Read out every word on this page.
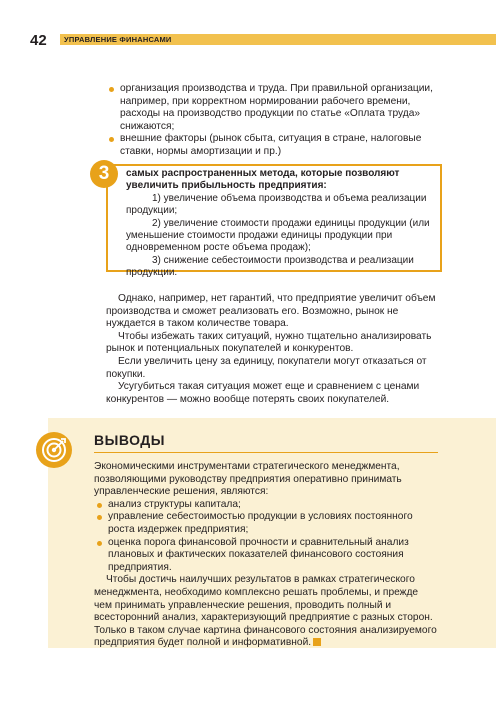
42 УПРАВЛЕНИЕ ФИНАНСАМИ
организация производства и труда. При правильной организации, например, при корректном нормировании рабочего времени, расходы на производство продукции по статье «Оплата труда» снижаются;
внешние факторы (рынок сбыта, ситуация в стране, налоговые ставки, нормы амортизации и пр.)
самых распространенных метода, которые позволяют увеличить прибыльность предприятия:
1) увеличение объема производства и объема реализации продукции;
2) увеличение стоимости продажи единицы продукции (или уменьшение стоимости продажи единицы продукции при одновременном росте объема продаж);
3) снижение себестоимости производства и реализации продукции.
3

Однако, например, нет гарантий, что предприятие увеличит объем производства и сможет реализовать его. Возможно, рынок не нуждается в таком количестве товара.

Чтобы избежать таких ситуаций, нужно тщательно анализировать рынок и потенциальных покупателей и конкурентов.

Если увеличить цену за единицу, покупатели могут отказаться от покупки.

Усугубиться такая ситуация может еще и сравнением с ценами конкурентов — можно вообще потерять своих покупателей.

ВЫВОДЫ

Экономическими инструментами стратегического менеджмента, позволяющими руководству предприятия оперативно принимать управленческие решения, являются:

анализ структуры капитала;
управление себестоимостью продукции в условиях постоянного роста издержек предприятия;
оценка порога финансовой прочности и сравнительный анализ плановых и фактических показателей финансового состояния предприятия.

Чтобы достичь наилучших результатов в рамках стратегического менеджмента, необходимо комплексно решать проблемы, и прежде чем принимать управленческие решения, проводить полный и всесторонний анализ, характеризующий предприятие с разных сторон. Только в таком случае картина финансового состояния анализируемого предприятия будет полной и информативной.
